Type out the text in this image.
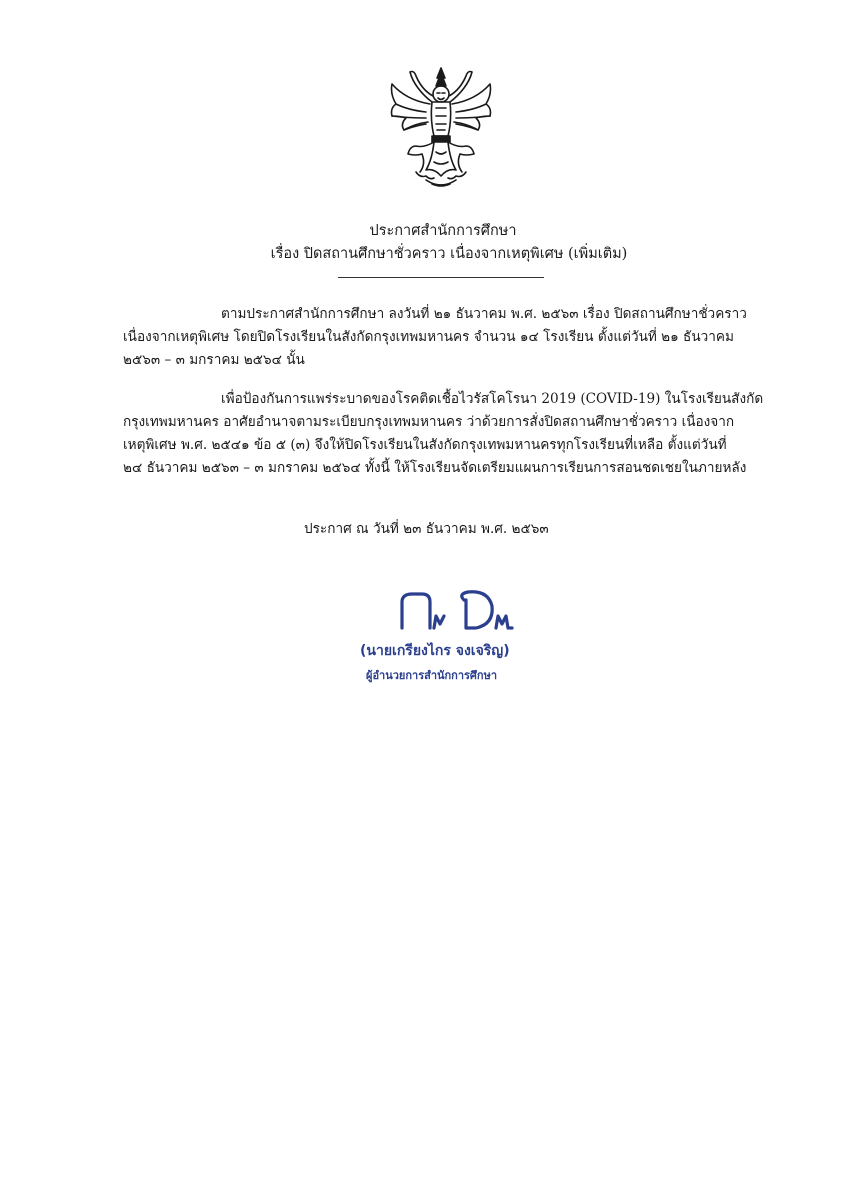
ประกาศสำนักการศึกษา
เรื่อง ปิดสถานศึกษาชั่วคราว เนื่องจากเหตุพิเศษ (เพิ่มเติม)
ตามประกาศสำนักการศึกษา ลงวันที่ ๒๑ ธันวาคม พ.ศ. ๒๕๖๓ เรื่อง ปิดสถานศึกษาชั่วคราว
เนื่องจากเหตุพิเศษ โดยปิดโรงเรียนในสังกัดกรุงเทพมหานคร จำนวน ๑๔ โรงเรียน ตั้งแต่วันที่ ๒๑ ธันวาคม
๒๕๖๓ – ๓ มกราคม ๒๕๖๔ นั้น
เพื่อป้องกันการแพร่ระบาดของโรคติดเชื้อไวรัสโคโรนา 2019 (COVID-19) ในโรงเรียนสังกัด
กรุงเทพมหานคร อาศัยอำนาจตามระเบียบกรุงเทพมหานคร ว่าด้วยการสั่งปิดสถานศึกษาชั่วคราว เนื่องจาก
เหตุพิเศษ พ.ศ. ๒๕๔๑ ข้อ ๕ (๓) จึงให้ปิดโรงเรียนในสังกัดกรุงเทพมหานครทุกโรงเรียนที่เหลือ ตั้งแต่วันที่
๒๔ ธันวาคม ๒๕๖๓ – ๓ มกราคม ๒๕๖๔ ทั้งนี้ ให้โรงเรียนจัดเตรียมแผนการเรียนการสอนชดเชยในภายหลัง
ประกาศ ณ วันที่ ๒๓ ธันวาคม พ.ศ. ๒๕๖๓
(นายเกรียงไกร จงเจริญ)
ผู้อำนวยการสำนักการศึกษา
